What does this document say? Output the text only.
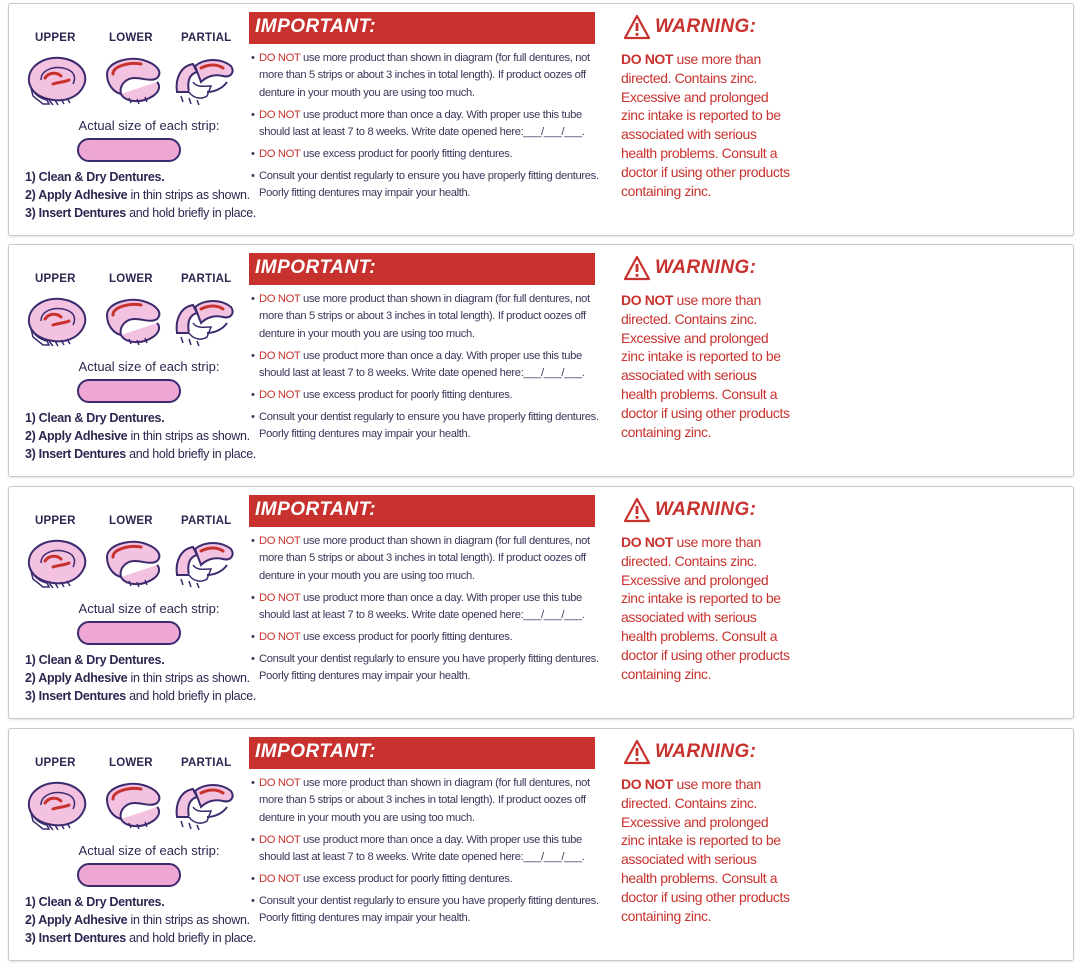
UPPER	LOWER PARTIAL
Actual size of each strip:
1) Clean & Dry Dentures.
2) Apply Adhesive in thin strips as shown.
3) Insert Dentures and hold briefly in place.
IMPORTANT:
• DO NOT use more product than shown in diagram (for full dentures, not more than 5 strips or about 3 inches in total length). If product oozes off denture in your mouth you are using too much.
• DO NOT use product more than once a day. With proper use this tube should last at least 7 to 8 weeks. Write date opened here:___/___/___.
• DO NOT use excess product for poorly fitting dentures.
• Consult your dentist regularly to ensure you have properly fitting dentures. Poorly fitting dentures may impair your health.
WARNING:
DO NOT use more than directed. Contains zinc. Excessive and prolonged zinc intake is reported to be associated with serious health problems. Consult a doctor if using other products containing zinc.
UPPER	LOWER PARTIAL
Actual size of each strip:
1) Clean & Dry Dentures.
2) Apply Adhesive in thin strips as shown.
3) Insert Dentures and hold briefly in place.
IMPORTANT:
• DO NOT use more product than shown in diagram (for full dentures, not more than 5 strips or about 3 inches in total length). If product oozes off denture in your mouth you are using too much.
• DO NOT use product more than once a day. With proper use this tube should last at least 7 to 8 weeks. Write date opened here:___/___/___.
• DO NOT use excess product for poorly fitting dentures.
• Consult your dentist regularly to ensure you have properly fitting dentures. Poorly fitting dentures may impair your health.
WARNING:
DO NOT use more than directed. Contains zinc. Excessive and prolonged zinc intake is reported to be associated with serious health problems. Consult a doctor if using other products containing zinc.
UPPER	LOWER PARTIAL
Actual size of each strip:
1) Clean & Dry Dentures.
2) Apply Adhesive in thin strips as shown.
3) Insert Dentures and hold briefly in place.
IMPORTANT:
• DO NOT use more product than shown in diagram (for full dentures, not more than 5 strips or about 3 inches in total length). If product oozes off denture in your mouth you are using too much.
• DO NOT use product more than once a day. With proper use this tube should last at least 7 to 8 weeks. Write date opened here:___/___/___.
• DO NOT use excess product for poorly fitting dentures.
• Consult your dentist regularly to ensure you have properly fitting dentures. Poorly fitting dentures may impair your health.
WARNING:
DO NOT use more than directed. Contains zinc. Excessive and prolonged zinc intake is reported to be associated with serious health problems. Consult a doctor if using other products containing zinc.
UPPER	LOWER PARTIAL
Actual size of each strip:
1) Clean & Dry Dentures.
2) Apply Adhesive in thin strips as shown.
3) Insert Dentures and hold briefly in place.
IMPORTANT:
• DO NOT use more product than shown in diagram (for full dentures, not more than 5 strips or about 3 inches in total length). If product oozes off denture in your mouth you are using too much.
• DO NOT use product more than once a day. With proper use this tube should last at least 7 to 8 weeks. Write date opened here:___/___/___.
• DO NOT use excess product for poorly fitting dentures.
• Consult your dentist regularly to ensure you have properly fitting dentures. Poorly fitting dentures may impair your health.
WARNING:
DO NOT use more than directed. Contains zinc. Excessive and prolonged zinc intake is reported to be associated with serious health problems. Consult a doctor if using other products containing zinc.
